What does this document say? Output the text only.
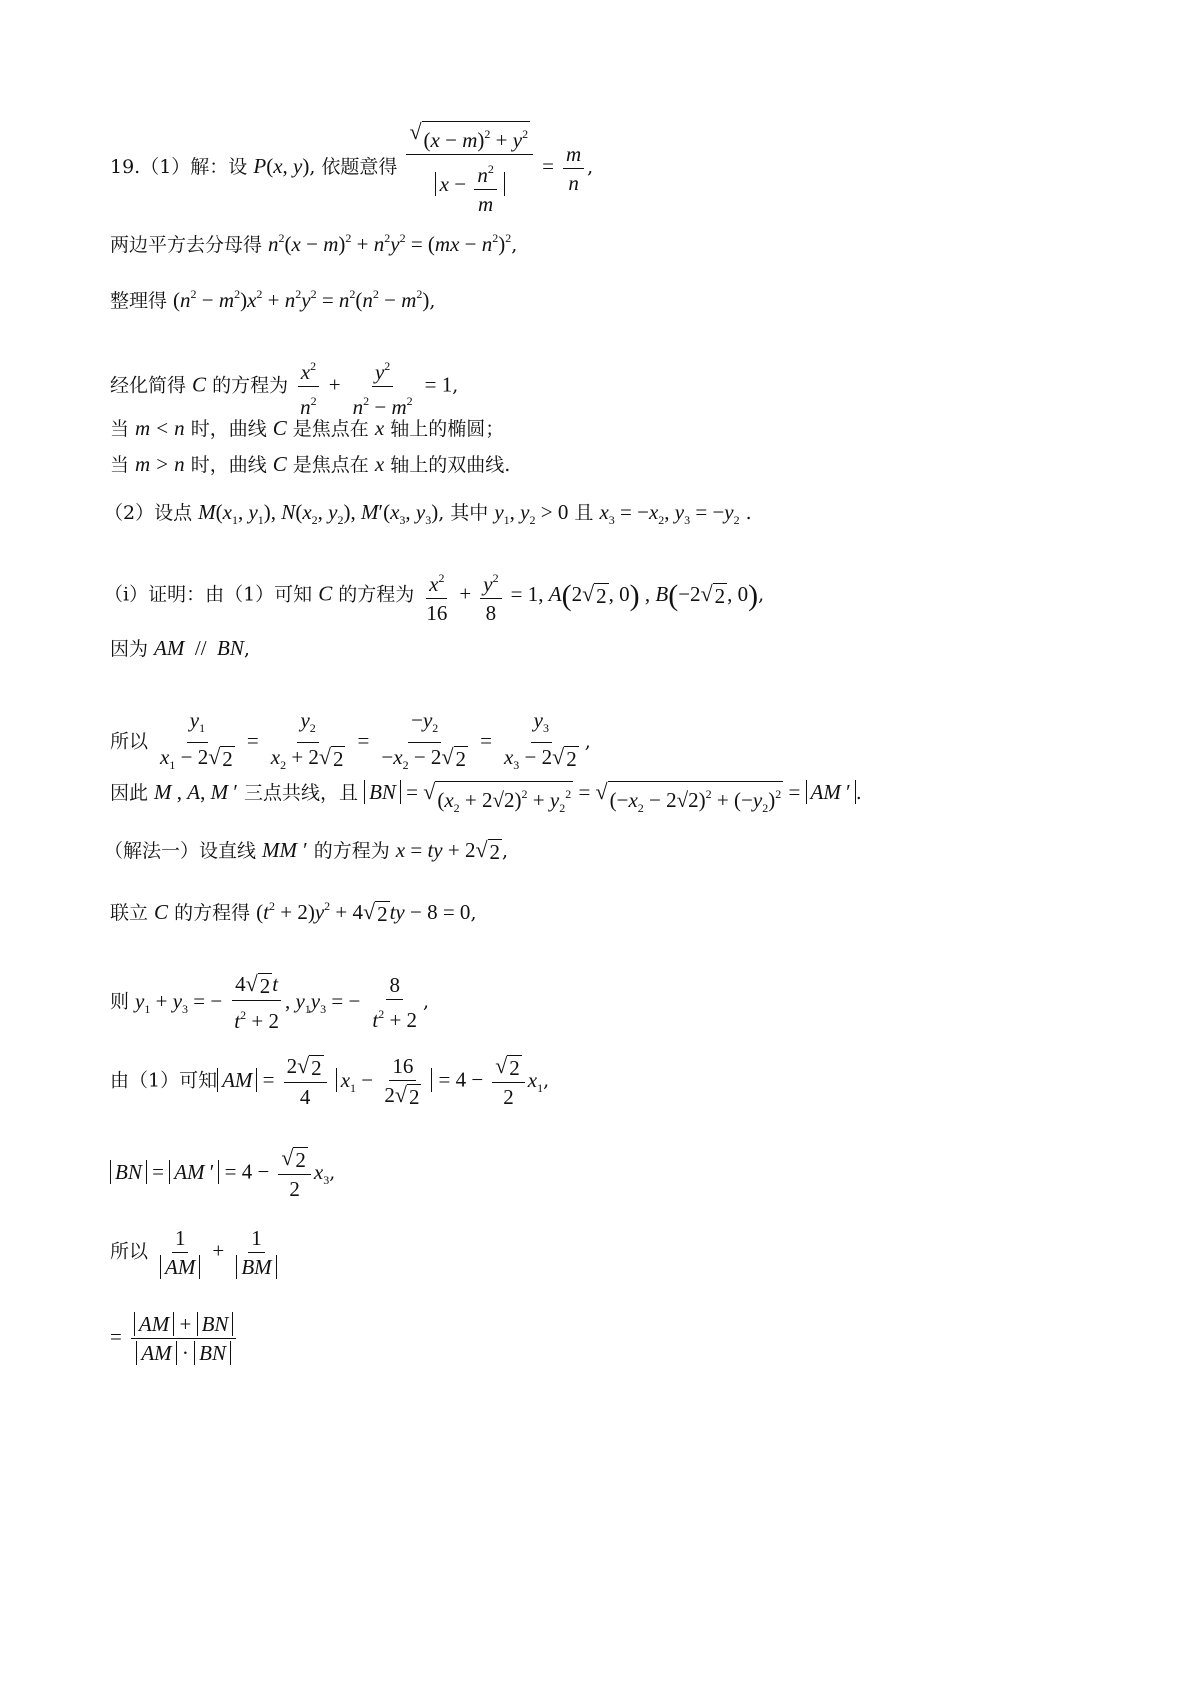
19.（1）解：设 P(x, y), 依题意得 $\frac{√ (x - m)^2 + y^2}{x - \frac{n^2}{m}} = \frac{m}{n}$ ,
两边平方去分母得 $n^2(x - m)^2 + n^2y^2 = (mx - n^2)^2$,
整理得 $(n^2 - m^2)x^2 + n^2y^2 = n^2(n^2 - m^2)$,
经化简得 C 的方程为 $\frac{x^2}{n^2} + \frac{y^2}{n^2 - m^2} = 1$,
当 m < n 时，曲线 C 是焦点在 x 轴上的椭圆；
当 m > n 时，曲线 C 是焦点在 x 轴上的双曲线.
（2）设点 $M(x_1$, $y_1$), $N(x_2$, $y_2$), $M'(x_3$, $y_3$), 其中 $y_1$, $y_2 > 0$ 且 $x_3 = -x_2$, $y_3 = -y_2$ .
（i）证明：由（1）可知 C 的方程为 $\frac{x^2}{16} + \frac{y^2}{8} = 1$, A(2 √ 2 , 0) , B(−2 √ 2 , 0),
因为 AM  //  BN,
所以 $\frac{y_1}{x_1 - 2 √ 2} = \frac{y_2}{x_2 + 2 √ 2} = \frac{-y_2}{-x_2 - 2 √ 2} = \frac{y_3}{x_3 - 2 √ 2}$ ,
因此 M , A, M ′ 三点共线，且 BN = √ $(x_2 + 2√2)^2 + y_2^2$ = √ $(-x_2 - 2√2)^2 + (-y_2)^2$ = AM ′ .
（解法一）设直线 MM ′ 的方程为 x = ty + 2 √ 2 ,
联立 C 的方程得 $(t^2 + 2)y^2 + 4$ √ 2 ty − 8 = 0,
则 $y_1 + y_3$ = − $\frac{4 √ 2 t}{t^2 + 2}$ , $y_1y_3$ = − $\frac{8}{t^2 + 2}$ ,
由（1）可知 AM = $\frac{2 √ 2}{4} x_1 - \frac{16}{2 √ 2} = 4 - \frac{√ 2}{2} x_1$,
BN = AM ′ = $4 - \frac{√ 2}{2} x_3$,
所以 $\frac{1}{AM} + \frac{1}{BM}$
= $\frac{AM + BN}{AM \cdot BN}$
